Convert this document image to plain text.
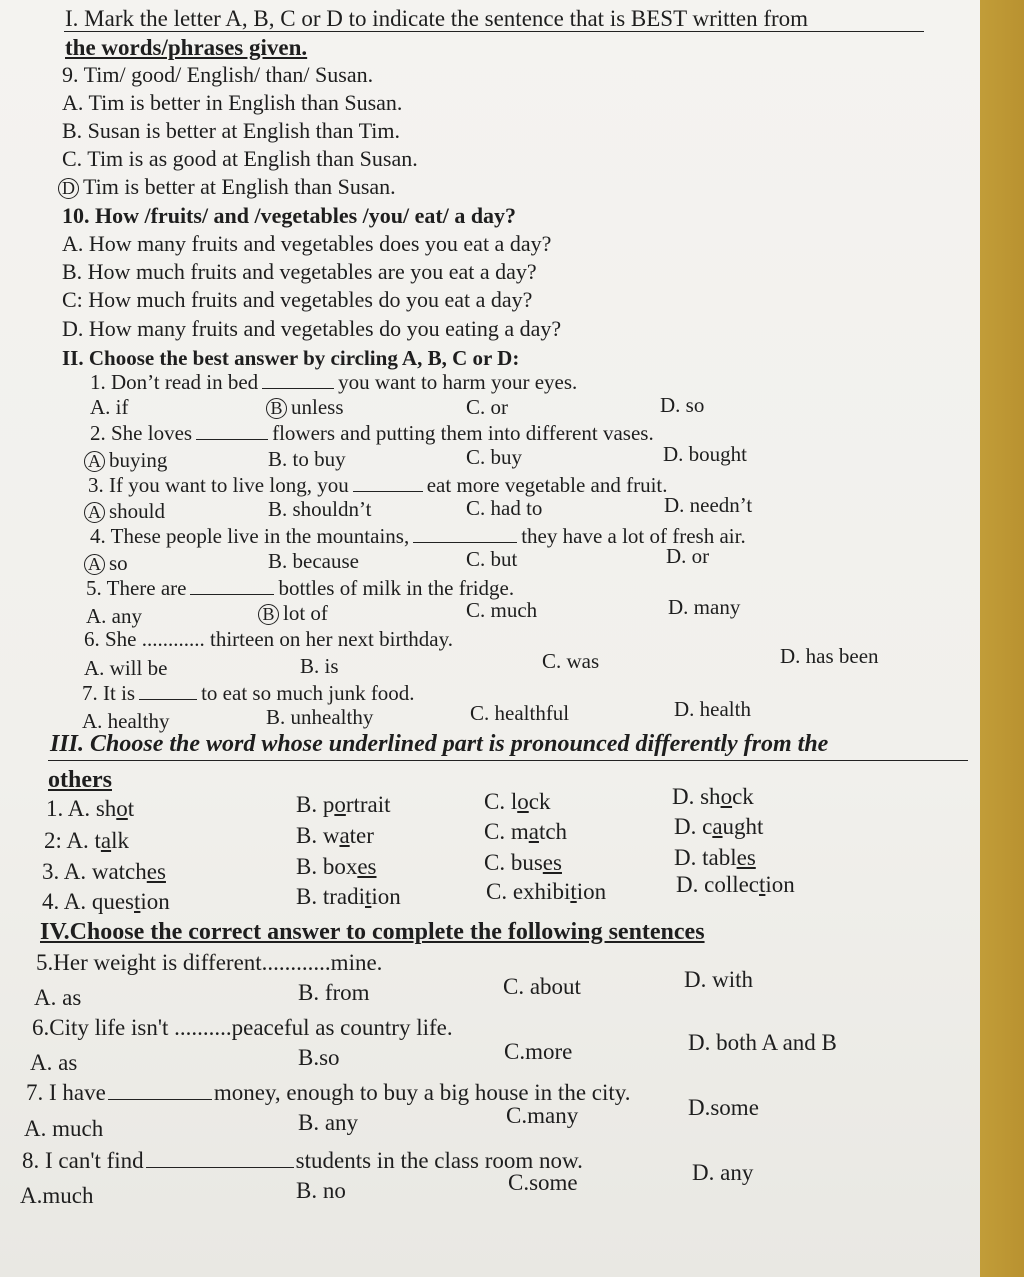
I. Mark the letter A, B, C or D to indicate the sentence that is BEST written from
the words/phrases given.
9. Tim/ good/ English/ than/ Susan.
A. Tim is better in English than Susan.
B. Susan is better at English than Tim.
C. Tim is as good at English than Susan.
D Tim is better at English than Susan.
10. How /fruits/ and /vegetables /you/ eat/ a day?
A. How many fruits and vegetables does you eat a day?
B. How much fruits and vegetables are you eat a day?
C: How much fruits and vegetables do you eat a day?
D. How many fruits and vegetables do you eating a day?
II. Choose the best answer by circling A, B, C or D:
1. Don’t read in bed	you want to harm your eyes.
A. if	B unless	C. or	D. so
2. She loves	flowers and putting them into different vases.
A buying	B. to buy	C. buy	D. bought
3. If you want to live long, you	eat more vegetable and fruit.
A should	B. shouldn’t	C. had to	D. needn’t
4. These people live in the mountains,	they have a lot of fresh air.
A so	B. because	C. but	D. or
5. There are	bottles of milk in the fridge.
A. any	B lot of	C. much	D. many
6. She ............ thirteen on her next birthday.
A. will be	B. is	C. was	D. has been
7. It is	to eat so much junk food.
A. healthy	B. unhealthy	C. healthful	D. health
III. Choose the word whose underlined part is pronounced differently from the
others
1. A. shot	B. portrait	C. lock	D. shock
2: A. talk	B. water	C. match	D. caught
3. A. watches	B. boxes	C. buses	D. tables
4. A. question	B. tradition	C. exhibition	D. collection
IV.Choose the correct answer to complete the following sentences
5.Her weight is different............mine.
A. as	B. from	C. about	D. with
6.City life isn't ..........peaceful as country life.
A. as	B.so	C.more	D. both A and B
7. I have	money, enough to buy a big house in the city.
A. much	B. any	C.many	D.some
8. I can't find	students in the class room now.
A.much	B. no	C.some	D. any
